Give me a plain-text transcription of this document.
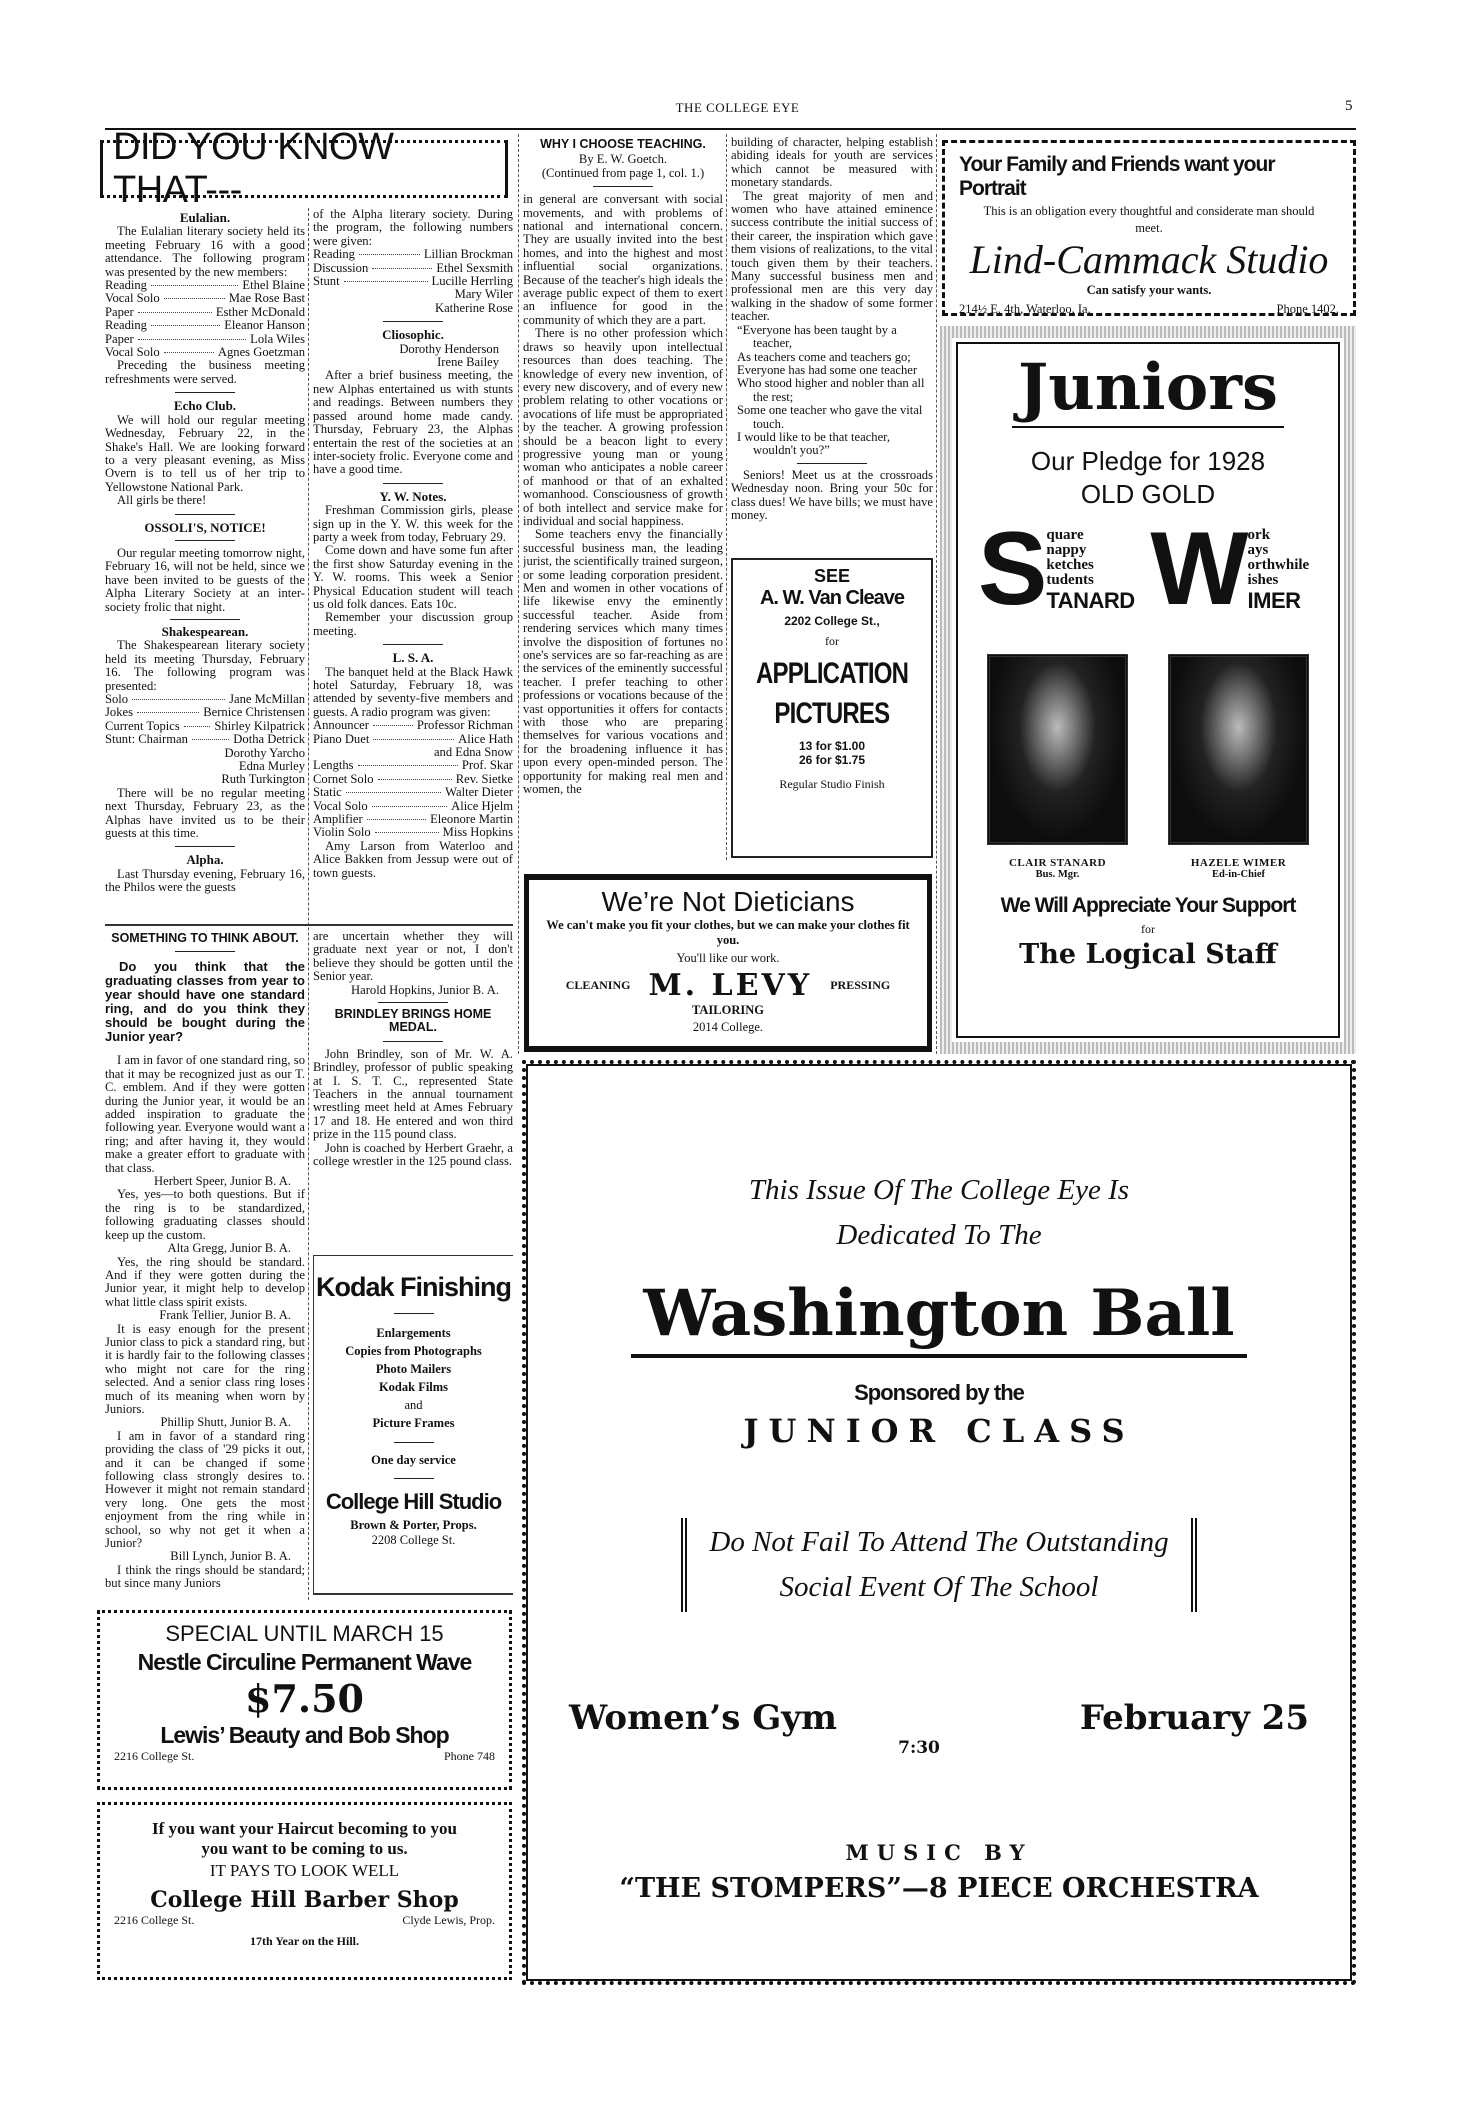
THE COLLEGE EYE	5
DID YOU KNOW THAT---
Eulalian.

The Eulalian literary society held its meeting February 16 with a good attendance. The following program was presented by the new members:

Reading	Ethel Blaine
Vocal Solo	Mae Rose Bast
Paper	Esther McDonald
Reading	Eleanor Hanson
Paper	Lola Wiles
Vocal Solo	Agnes Goetzman

Preceding the business meeting refreshments were served.

Echo Club.

We will hold our regular meeting Wednesday, February 22, in the Shake's Hall. We are looking forward to a very pleasant evening, as Miss Overn is to tell us of her trip to Yellowstone National Park.

All girls be there!

OSSOLI'S, NOTICE!

Our regular meeting tomorrow night, February 16, will not be held, since we have been invited to be guests of the Alpha Literary Society at an inter-society frolic that night.

Shakespearean.

The Shakespearean literary society held its meeting Thursday, February 16. The following program was presented:

Solo	Jane McMillan
Jokes	Bernice Christensen
Current Topics	Shirley Kilpatrick
Stunt: Chairman	Dotha Detrick
Dorothy Yarcho
Edna Murley
Ruth Turkington

There will be no regular meeting next Thursday, February 23, as the Alphas have invited us to be their guests at this time.

Alpha.

Last Thursday evening, February 16, the Philos were the guests

of the Alpha literary society. During the program, the following numbers were given:

Reading	Lillian Brockman
Discussion	Ethel Sexsmith
Stunt	Lucille Herrling
Mary Wiler
Katherine Rose
Cliosophic.
Dorothy Henderson
Irene Bailey

After a brief business meeting, the new Alphas entertained us with stunts and readings. Between numbers they passed around home made candy. Thursday, February 23, the Alphas entertain the rest of the societies at an inter-society frolic. Everyone come and have a good time.

Y. W. Notes.

Freshman Commission girls, please sign up in the Y. W. this week for the party a week from today, February 29.

Come down and have some fun after the first show Saturday evening in the Y. W. rooms. This week a Senior Physical Education student will teach us old folk dances. Eats 10c.

Remember your discussion group meeting.

L. S. A.

The banquet held at the Black Hawk hotel Saturday, February 18, was attended by seventy-five members and guests. A radio program was given:

Announcer	Professor Richman
Piano Duet	Alice Hath
and Edna Snow
Lengths	Prof. Skar
Cornet Solo	Rev. Sietke
Static	Walter Dieter
Vocal Solo	Alice Hjelm
Amplifier	Eleonore Martin
Violin Solo	Miss Hopkins

Amy Larson from Waterloo and Alice Bakken from Jessup were out of town guests.

SOMETHING TO THINK ABOUT.

Do you think that the graduating classes from year to year should have one standard ring, and do you think they should be bought during the Junior year?

I am in favor of one standard ring, so that it may be recognized just as our T. C. emblem. And if they were gotten during the Junior year, it would be an added inspiration to graduate the following year. Everyone would want a ring; and after having it, they would make a greater effort to graduate with that class.

Herbert Speer, Junior B. A.

Yes, yes—to both questions. But if the ring is to be standardized, following graduating classes should keep up the custom.

Alta Gregg, Junior B. A.

Yes, the ring should be standard. And if they were gotten during the Junior year, it might help to develop what little class spirit exists.

Frank Tellier, Junior B. A.

It is easy enough for the present Junior class to pick a standard ring, but it is hardly fair to the following classes who might not care for the ring selected. And a senior class ring loses much of its meaning when worn by Juniors.

Phillip Shutt, Junior B. A.

I am in favor of a standard ring providing the class of '29 picks it out, and it can be changed if some following class strongly desires to. However it might not remain standard very long. One gets the most enjoyment from the ring while in school, so why not get it when a Junior?

Bill Lynch, Junior B. A.

I think the rings should be standard; but since many Juniors

are uncertain whether they will graduate next year or not, I don't believe they should be gotten until the Senior year.

Harold Hopkins, Junior B. A.
BRINDLEY BRINGS HOME MEDAL.

John Brindley, son of Mr. W. A. Brindley, professor of public speaking at I. S. T. C., represented State Teachers in the annual tournament wrestling meet held at Ames February 17 and 18. He entered and won third prize in the 115 pound class.

John is coached by Herbert Graehr, a college wrestler in the 125 pound class.

WHY I CHOOSE TEACHING.
By E. W. Goetch.
(Continued from page 1, col. 1.)

in general are conversant with social movements, and with problems of national and international concern. They are usually invited into the best homes, and into the highest and most influential social organizations. Because of the teacher's high ideals the average public expect of them to exert an influence for good in the community of which they are a part.

There is no other profession which draws so heavily upon intellectual resources than does teaching. The knowledge of every new invention, of every new discovery, and of every new problem relating to other vocations or avocations of life must be appropriated by the teacher. A growing profession should be a beacon light to every progressive young man or young woman who anticipates a noble career of manhood or that of an exhalted womanhood. Consciousness of growth of both intellect and service make for individual and social happiness.

Some teachers envy the financially successful business man, the leading jurist, the scientifically trained surgeon, or some leading corporation president. Men and women in other vocations of life likewise envy the eminently successful teacher. Aside from rendering services which many times involve the disposition of fortunes no one's services are so far-reaching as are the services of the eminently successful teacher. I prefer teaching to other professions or vocations because of the vast opportunities it offers for contacts with those who are preparing themselves for various vocations and for the broadening influence it has upon every open-minded person. The opportunity for making real men and women, the

building of character, helping establish abiding ideals for youth are services which cannot be measured with monetary standards.

The great majority of men and women who have attained eminence success contribute the initial success of their career, the inspiration which gave them visions of realizations, to the vital touch given them by their teachers. Many successful business men and professional men are this very day walking in the shadow of some former teacher.

“Everyone has been taught by a teacher,
As teachers come and teachers go;
Everyone has had some one teacher
Who stood higher and nobler than all the rest;
Some one teacher who gave the vital touch.
I would like to be that teacher, wouldn't you?”

Seniors! Meet us at the crossroads Wednesday noon. Bring your 50c for class dues! We have bills; we must have money.

Kodak Finishing
Enlargements
Copies from Photographs
Photo Mailers
Kodak Films
and
Picture Frames
One day service
College Hill Studio
Brown & Porter, Props.
2208 College St.
SPECIAL UNTIL MARCH 15
Nestle Circuline Permanent Wave
$7.50
Lewis’ Beauty and Bob Shop
2216 College St.	Phone 748
If you want your Haircut becoming to you
you want to be coming to us.
IT PAYS TO LOOK WELL
College Hill Barber Shop
2216 College St.	Clyde Lewis, Prop.
17th Year on the Hill.
SEE
A. W. Van Cleave
2202 College St.,
for
APPLICATION
PICTURES
13 for $1.00
26 for $1.75
Regular Studio Finish
We’re Not Dieticians
We can't make you fit your clothes, but we can make your clothes fit you.
You'll like our work.
CLEANING M. LEVY PRESSING
TAILORING
2014 College.
Your Family and Friends want your Portrait
This is an obligation every thoughtful and considerate man should meet.
Lind-Cammack Studio
Can satisfy your wants.
214½ E. 4th, Waterloo, Ia.	Phone 1402.
Juniors
Our Pledge for 1928
OLD GOLD
S quare
nappy
ketches
tudents
TANARD W ork
ays
orthwhile
ishes
IMER
CLAIR STANARD
Bus. Mgr.
HAZELE WIMER
Ed-in-Chief
We Will Appreciate Your Support
for
The Logical Staff
This Issue Of The College Eye Is
Dedicated To The
Washington Ball
Sponsored by the
JUNIOR CLASS
Do Not Fail To Attend The Outstanding
Social Event Of The School
Women’s Gym	February 25
7:30
MUSIC BY
“THE STOMPERS”—8 PIECE ORCHESTRA
